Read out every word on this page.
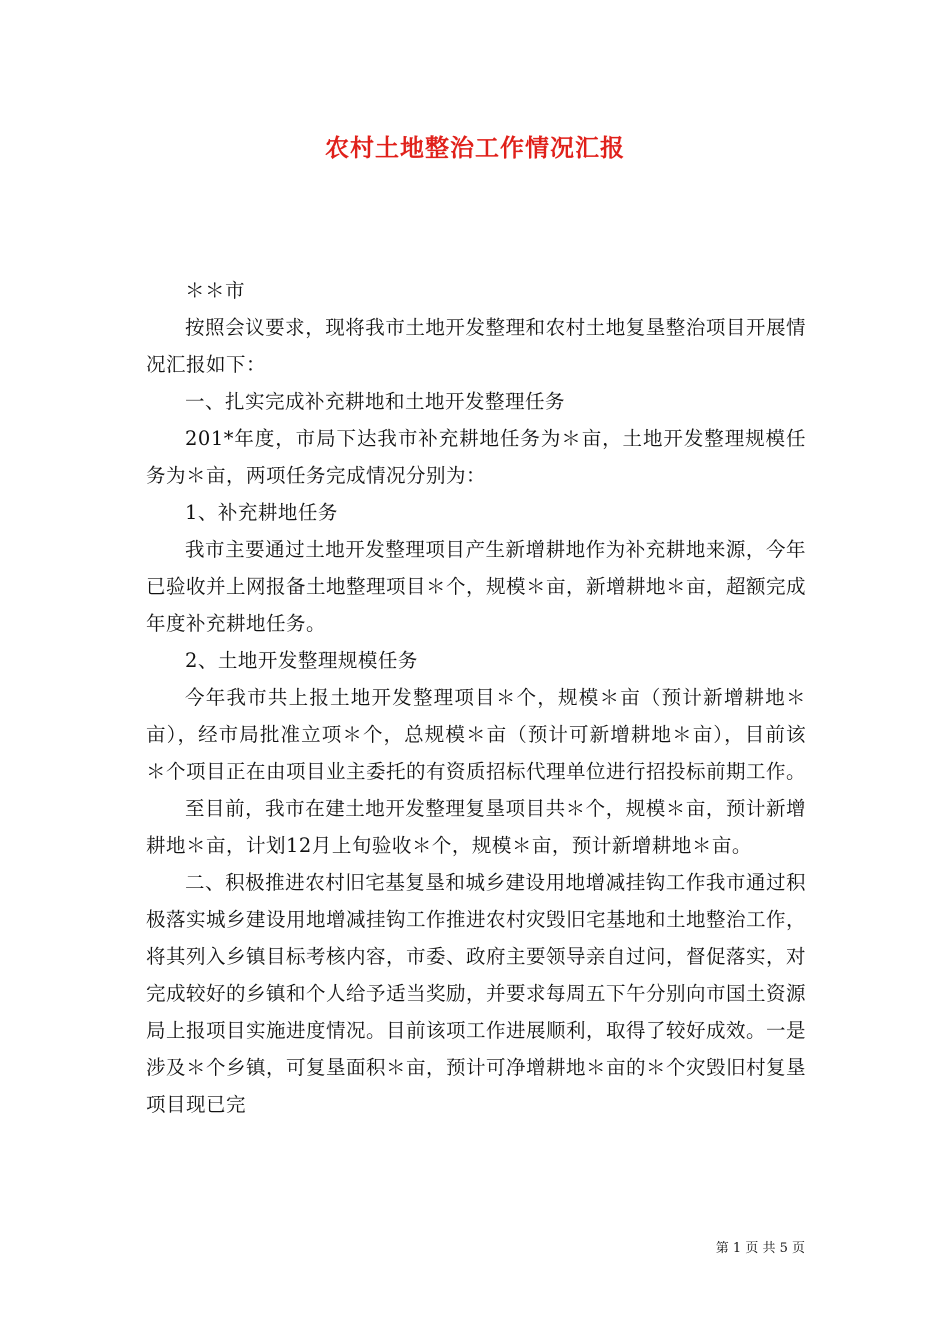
农村土地整治工作情况汇报

＊＊市

按照会议要求，现将我市土地开发整理和农村土地复垦整治项目开展情况汇报如下：

一、扎实完成补充耕地和土地开发整理任务

201*年度，市局下达我市补充耕地任务为＊亩，土地开发整理规模任务为＊亩，两项任务完成情况分别为：

1、补充耕地任务

我市主要通过土地开发整理项目产生新增耕地作为补充耕地来源，今年已验收并上网报备土地整理项目＊个，规模＊亩，新增耕地＊亩，超额完成年度补充耕地任务。

2、土地开发整理规模任务

今年我市共上报土地开发整理项目＊个，规模＊亩（预计新增耕地＊亩），经市局批准立项＊个，总规模＊亩（预计可新增耕地＊亩），目前该＊个项目正在由项目业主委托的有资质招标代理单位进行招投标前期工作。

至目前，我市在建土地开发整理复垦项目共＊个，规模＊亩，预计新增耕地＊亩，计划12月上旬验收＊个，规模＊亩，预计新增耕地＊亩。

二、积极推进农村旧宅基复垦和城乡建设用地增减挂钩工作我市通过积极落实城乡建设用地增减挂钩工作推进农村灾毁旧宅基地和土地整治工作，将其列入乡镇目标考核内容，市委、政府主要领导亲自过问，督促落实，对完成较好的乡镇和个人给予适当奖励，并要求每周五下午分别向市国土资源局上报项目实施进度情况。目前该项工作进展顺利，取得了较好成效。一是涉及＊个乡镇，可复垦面积＊亩，预计可净增耕地＊亩的＊个灾毁旧村复垦项目现已完

第 1 页 共 5 页
